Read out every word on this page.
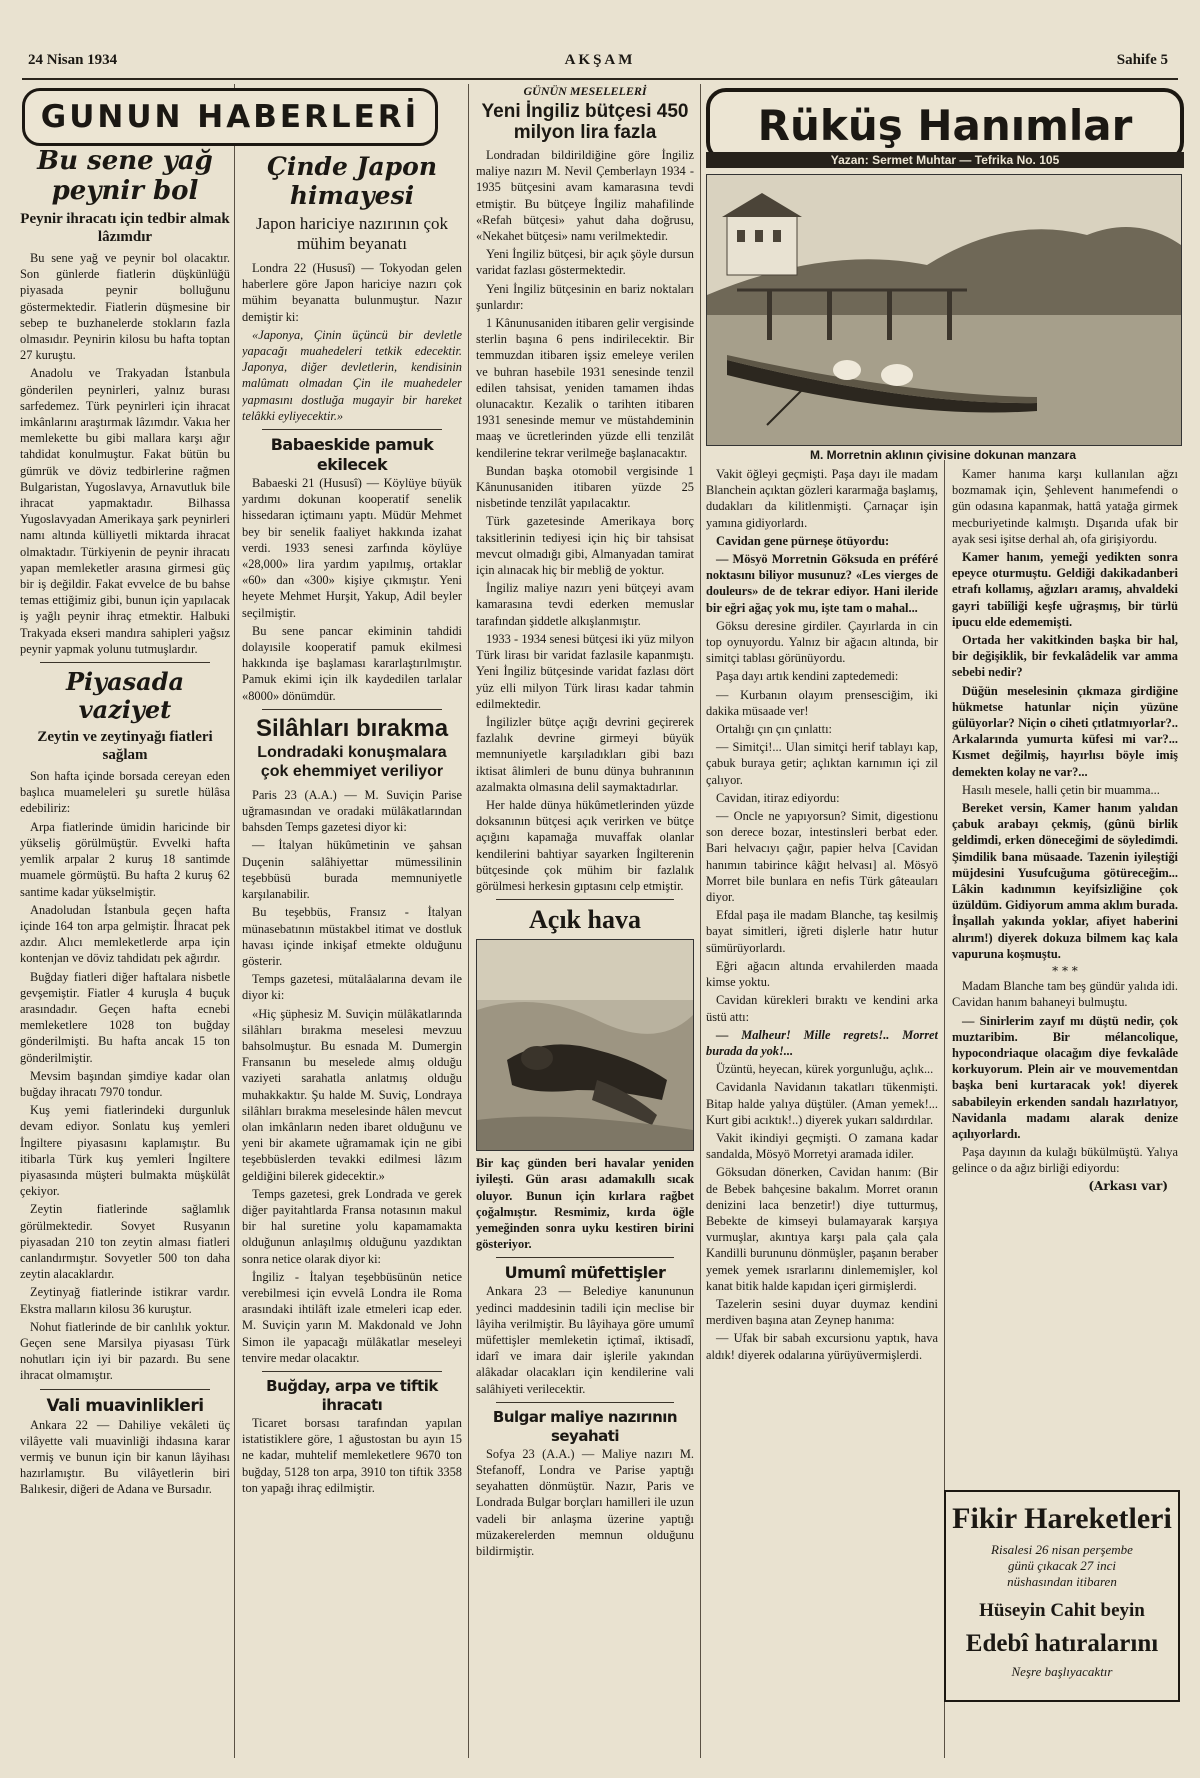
24 Nisan 1934	AKŞAM	Sahife 5
GUNUN HABERLERİ
Bu sene yağ peynir bol
Peynir ihracatı için tedbir almak lâzımdır

Bu sene yağ ve peynir bol olacaktır. Son günlerde fiatlerin düşkünlüğü piyasada peynir bolluğunu göstermektedir. Fiatlerin düşmesine bir sebep te buzhanelerde stokların fazla olmasıdır. Peynirin kilosu bu hafta toptan 27 kuruştu.

Anadolu ve Trakyadan İstanbula gönderilen peynirleri, yalnız burası sarfedemez. Türk peynirleri için ihracat imkânlarını araştırmak lâzımdır. Vakıa her memlekette bu gibi mallara karşı ağır tahdidat konulmuştur. Fakat bütün bu gümrük ve döviz tedbirlerine rağmen Bulgaristan, Yugoslavya, Arnavutluk bile ihracat yapmaktadır. Bilhassa Yugoslavyadan Amerikaya şark peynirleri namı altında külliyetli miktarda ihracat olmaktadır. Türkiyenin de peynir ihracatı yapan memleketler arasına girmesi güç bir iş değildir. Fakat evvelce de bu bahse temas ettiğimiz gibi, bunun için yapılacak iş yağlı peynir ihraç etmektir. Halbuki Trakyada ekseri mandıra sahipleri yağsız peynir yapmak yolunu tutmuşlardır.

Piyasada vaziyet
Zeytin ve zeytinyağı fiatleri sağlam

Son hafta içinde borsada cereyan eden başlıca muameleleri şu suretle hülâsa edebiliriz:

Arpa fiatlerinde ümidin haricinde bir yükseliş görülmüştür. Evvelki hafta yemlik arpalar 2 kuruş 18 santimde muamele görmüştü. Bu hafta 2 kuruş 62 santime kadar yükselmiştir.

Anadoludan İstanbula geçen hafta içinde 164 ton arpa gelmiştir. İhracat pek azdır. Alıcı memleketlerde arpa için kontenjan ve döviz tahdidatı pek ağırdır.

Buğday fiatleri diğer haftalara nisbetle gevşemiştir. Fiatler 4 kuruşla 4 buçuk arasındadır. Geçen hafta ecnebi memleketlere 1028 ton buğday gönderilmişti. Bu hafta ancak 15 ton gönderilmiştir.

Mevsim başından şimdiye kadar olan buğday ihracatı 7970 tondur.

Kuş yemi fiatlerindeki durgunluk devam ediyor. Sonlatu kuş yemleri İngiltere piyasasını kaplamıştır. Bu itibarla Türk kuş yemleri İngiltere piyasasında müşteri bulmakta müşkülât çekiyor.

Zeytin fiatlerinde sağlamlık görülmektedir. Sovyet Rusyanın piyasadan 210 ton zeytin alması fiatleri canlandırmıştır. Sovyetler 500 ton daha zeytin alacaklardır.

Zeytinyağ fiatlerinde istikrar vardır. Ekstra malların kilosu 36 kuruştur.

Nohut fiatlerinde de bir canlılık yoktur. Geçen sene Marsilya piyasası Türk nohutları için iyi bir pazardı. Bu sene ihracat olmamıştır.

Vali muavinlikleri

Ankara 22 — Dahiliye vekâleti üç vilâyette vali muavinliği ihdasına karar vermiş ve bunun için bir kanun lâyihası hazırlamıştır. Bu vilâyetlerin biri Balıkesir, diğeri de Adana ve Bursadır.

Çinde Japon himayesi
Japon hariciye nazırının çok mühim beyanatı

Londra 22 (Hususî) — Tokyodan gelen haberlere göre Japon hariciye nazırı çok mühim beyanatta bulunmuştur. Nazır demiştir ki:

«Japonya, Çinin üçüncü bir devletle yapacağı muahedeleri tetkik edecektir. Japonya, diğer devletlerin, kendisinin malûmatı olmadan Çin ile muahedeler yapmasını dostluğa mugayir bir hareket telâkki eyliyecektir.»

Babaeskide pamuk ekilecek

Babaeski 21 (Hususî) — Köylüye büyük yardımı dokunan kooperatif senelik hissedaran içtimaını yaptı. Müdür Mehmet bey bir senelik faaliyet hakkında izahat verdi. 1933 senesi zarfında köylüye «28,000» lira yardım yapılmış, ortaklar «60» dan «300» kişiye çıkmıştır. Yeni heyete Mehmet Hurşit, Yakup, Adil beyler seçilmiştir.

Bu sene pancar ekiminin tahdidi dolayısile kooperatif pamuk ekilmesi hakkında işe başlaması kararlaştırılmıştır. Pamuk ekimi için ilk kaydedilen tarlalar «8000» dönümdür.

Silâhları bırakma
Londradaki konuşmalara çok ehemmiyet veriliyor

Paris 23 (A.A.) — M. Suviçin Parise uğramasından ve oradaki mülâkatlarından bahsden Temps gazetesi diyor ki:

— İtalyan hükûmetinin ve şahsan Duçenin salâhiyettar mümessilinin teşebbüsü burada memnuniyetle karşılanabilir.

Bu teşebbüs, Fransız - İtalyan münasebatının müstakbel itimat ve dostluk havası içinde inkişaf etmekte olduğunu gösterir.

Temps gazetesi, mütalâalarına devam ile diyor ki:

«Hiç şüphesiz M. Suviçin mülâkatlarında silâhları bırakma meselesi mevzuu bahsolmuştur. Bu esnada M. Dumergin Fransanın bu meselede almış olduğu vaziyeti sarahatla anlatmış olduğu muhakkaktır. Şu halde M. Suviç, Londraya silâhları bırakma meselesinde hâlen mevcut olan imkânların neden ibaret olduğunu ve yeni bir akamete uğramamak için ne gibi teşebbüslerden tevakki edilmesi lâzım geldiğini bilerek gidecektir.»

Temps gazetesi, grek Londrada ve gerek diğer payitahtlarda Fransa notasının makul bir hal suretine yolu kapamamakta olduğunun anlaşılmış olduğunu yazdıktan sonra netice olarak diyor ki:

İngiliz - İtalyan teşebbüsünün netice verebilmesi için evvelâ Londra ile Roma arasındaki ihtilâft izale etmeleri icap eder. M. Suviçin yarın M. Makdonald ve John Simon ile yapacağı mülâkatlar meseleyi tenvire medar olacaktır.

Buğday, arpa ve tiftik ihracatı

Ticaret borsası tarafından yapılan istatistiklere göre, 1 ağustostan bu ayın 15 ne kadar, muhtelif memleketlere 9670 ton buğday, 5128 ton arpa, 3910 ton tiftik 3358 ton yapağı ihraç edilmiştir.

GÜNÜN MESELELERİ
Yeni İngiliz bütçesi 450 milyon lira fazla

Londradan bildirildiğine göre İngiliz maliye nazırı M. Nevil Çemberlayn 1934 - 1935 bütçesini avam kamarasına tevdi etmiştir. Bu bütçeye İngiliz mahafilinde «Refah bütçesi» yahut daha doğrusu, «Nekahet bütçesi» namı verilmektedir.

Yeni İngiliz bütçesi, bir açık şöyle dursun varidat fazlası göstermektedir.

Yeni İngiliz bütçesinin en bariz noktaları şunlardır:

1 Kânunusaniden itibaren gelir vergisinde sterlin başına 6 pens indirilecektir. Bir temmuzdan itibaren işsiz emeleye verilen ve buhran hasebile 1931 senesinde tenzil edilen tahsisat, yeniden tamamen ihdas olunacaktır. Kezalik o tarihten itibaren 1931 senesinde memur ve müstahdeminin maaş ve ücretlerinden yüzde elli tenzilât kendilerine tekrar verilmeğe başlanacaktır.

Bundan başka otomobil vergisinde 1 Kânunusaniden itibaren yüzde 25 nisbetinde tenzilât yapılacaktır.

Türk gazetesinde Amerikaya borç taksitlerinin tediyesi için hiç bir tahsisat mevcut olmadığı gibi, Almanyadan tamirat için alınacak hiç bir mebliğ de yoktur.

İngiliz maliye nazırı yeni bütçeyi avam kamarasına tevdi ederken memuslar tarafından şiddetle alkışlanmıştır.

1933 - 1934 senesi bütçesi iki yüz milyon Türk lirası bir varidat fazlasile kapanmıştı. Yeni İngiliz bütçesinde varidat fazlası dört yüz elli milyon Türk lirası kadar tahmin edilmektedir.

İngilizler bütçe açığı devrini geçirerek fazlalık devrine girmeyi büyük memnuniyetle karşıladıkları gibi bazı iktisat âlimleri de bunu dünya buhranının azalmakta olmasına delil saymaktadırlar.

Her halde dünya hükûmetlerinden yüzde doksanının bütçesi açık verirken ve bütçe açığını kapamağa muvaffak olanlar kendilerini bahtiyar sayarken İngilterenin bütçesinde çok mühim bir fazlalık görülmesi herkesin gıptasını celp etmiştir.

Açık hava

Bir kaç günden beri havalar yeniden iyileşti. Gün arası adamakıllı sıcak oluyor. Bunun için kırlara rağbet çoğalmıştır. Resmimiz, kırda öğle yemeğinden sonra uyku kestiren birini gösteriyor.

Umumî müfettişler

Ankara 23 — Belediye kanununun yedinci maddesinin tadili için meclise bir lâyiha verilmiştir. Bu lâyihaya göre umumî müfettişler memleketin içtimaî, iktisadî, idarî ve imara dair işlerile yakından alâkadar olacakları için kendilerine vali salâhiyeti verilecektir.

Bulgar maliye nazırının seyahati

Sofya 23 (A.A.) — Maliye nazırı M. Stefanoff, Londra ve Parise yaptığı seyahatten dönmüştür. Nazır, Paris ve Londrada Bulgar borçları hamilleri ile uzun vadeli bir anlaşma üzerine yaptığı müzakerelerden memnun olduğunu bildirmiştir.

Rüküş Hanımlar
Yazan: Sermet Muhtar — Tefrika No. 105
M. Morretnin aklının çivisine dokunan manzara

Vakit öğleyi geçmişti. Paşa dayı ile madam Blanchein açıktan gözleri kararmağa başlamış, dudakları da kilitlenmişti. Çarnaçar işin yamına gidiyorlardı.

Cavidan gene pürneşe ötüyordu:

— Mösyö Morretnin Göksuda en préféré noktasını biliyor musunuz? «Les vierges de douleurs» de de tekrar ediyor. Hani ileride bir eğri ağaç yok mu, işte tam o mahal...

Göksu deresine girdiler. Çayırlarda in cin top oynuyordu. Yalnız bir ağacın altında, bir simitçi tablası görünüyordu.

Paşa dayı artık kendini zaptedemedi:

— Kurbanın olayım prensesciğim, iki dakika müsaade ver!

Ortalığı çın çın çınlattı:

— Simitçi!... Ulan simitçi herif tablayı kap, çabuk buraya getir; açlıktan karnımın içi zil çalıyor.

Cavidan, itiraz ediyordu:

— Oncle ne yapıyorsun? Simit, digestionu son derece bozar, intestinsleri berbat eder. Bari helvacıyı çağır, papier helva [Cavidan hanımın tabirince kâğıt helvası] al. Mösyö Morret bile bunlara en nefis Türk gâteauları diyor.

Efdal paşa ile madam Blanche, taş kesilmiş bayat simitleri, iğreti dişlerle hatır hutur sümürüyorlardı.

Eğri ağacın altında ervahilerden maada kimse yoktu.

Cavidan kürekleri bıraktı ve kendini arka üstü attı:

— Malheur! Mille regrets!.. Morret burada da yok!...

Üzüntü, heyecan, kürek yorgunluğu, açlık...

Cavidanla Navidanın takatları tükenmişti. Bitap halde yalıya düştüler. (Aman yemek!... Kurt gibi acıktık!..) diyerek yukarı saldırdılar.

Vakit ikindiyi geçmişti. O zamana kadar sandalda, Mösyö Morretyi aramada idiler.

Göksudan dönerken, Cavidan hanım: (Bir de Bebek bahçesine bakalım. Morret oranın denizini laca benzetir!) diye tutturmuş, Bebekte de kimseyi bulamayarak karşıya vurmuşlar, akıntıya karşı pala çala çala Kandilli burununu dönmüşler, paşanın beraber yemek yemek ısrarlarını dinlememişler, kol kanat bitik halde kapıdan içeri girmişlerdi.

Tazelerin sesini duyar duymaz kendini merdiven başına atan Zeynep hanıma:

— Ufak bir sabah excursionu yaptık, hava aldık! diyerek odalarına yürüyüvermişlerdi.

Kamer hanıma karşı kullanılan ağzı bozmamak için, Şehlevent hanımefendi o gün odasına kapanmak, hattâ yatağa girmek mecburiyetinde kalmıştı. Dışarıda ufak bir ayak sesi işitse derhal ah, ofa girişiyordu.

Kamer hanım, yemeği yedikten sonra epeyce oturmuştu. Geldiği dakikadanberi etrafı kollamış, ağızları aramış, ahvaldeki gayri tabiîliği keşfe uğraşmış, bir türlü ipucu elde edememişti.

Ortada her vakitkinden başka bir hal, bir değişiklik, bir fevkalâdelik var amma sebebi nedir?

Düğün meselesinin çıkmaza girdiğine hükmetse hatunlar niçin yüzüne gülüyorlar? Niçin o ciheti çıtlatmıyorlar?.. Arkalarında yumurta küfesi mi var?... Kısmet değilmiş, hayırlısı böyle imiş demekten kolay ne var?...

Hasılı mesele, halli çetin bir muamma...

Bereket versin, Kamer hanım yalıdan çabuk arabayı çekmiş, (gûnü birlik geldimdi, erken döneceğimi de söyledimdi. Şimdilik bana müsaade. Tazenin iyileştiği müjdesini Yusufcuğuma götüreceğim... Lâkin kadınımın keyifsizliğine çok üzüldüm. Gidiyorum amma aklım burada. İnşallah yakında yoklar, afiyet haberini alırım!) diyerek dokuza bilmem kaç kala vapuruna koşmuştu.

* * *

Madam Blanche tam beş gündür yalıda idi. Cavidan hanım bahaneyi bulmuştu.

— Sinirlerim zayıf mı düştü nedir, çok muztaribim. Bir mélancolique, hypocondriaque olacağım diye fevkalâde korkuyorum. Plein air ve mouvementdan başka beni kurtaracak yok! diyerek sababileyin erkenden sandalı hazırlatıyor, Navidanla madamı alarak denize açılıyorlardı.

Paşa dayının da kulağı bükülmüştü. Yalıya gelince o da ağız birliği ediyordu:

(Arkası var)
Fikir Hareketleri
Risalesi 26 nisan perşembe
günü çıkacak 27 inci
nüshasından itibaren
Hüseyin Cahit beyin
Edebî hatıralarını
Neşre başlıyacaktır
